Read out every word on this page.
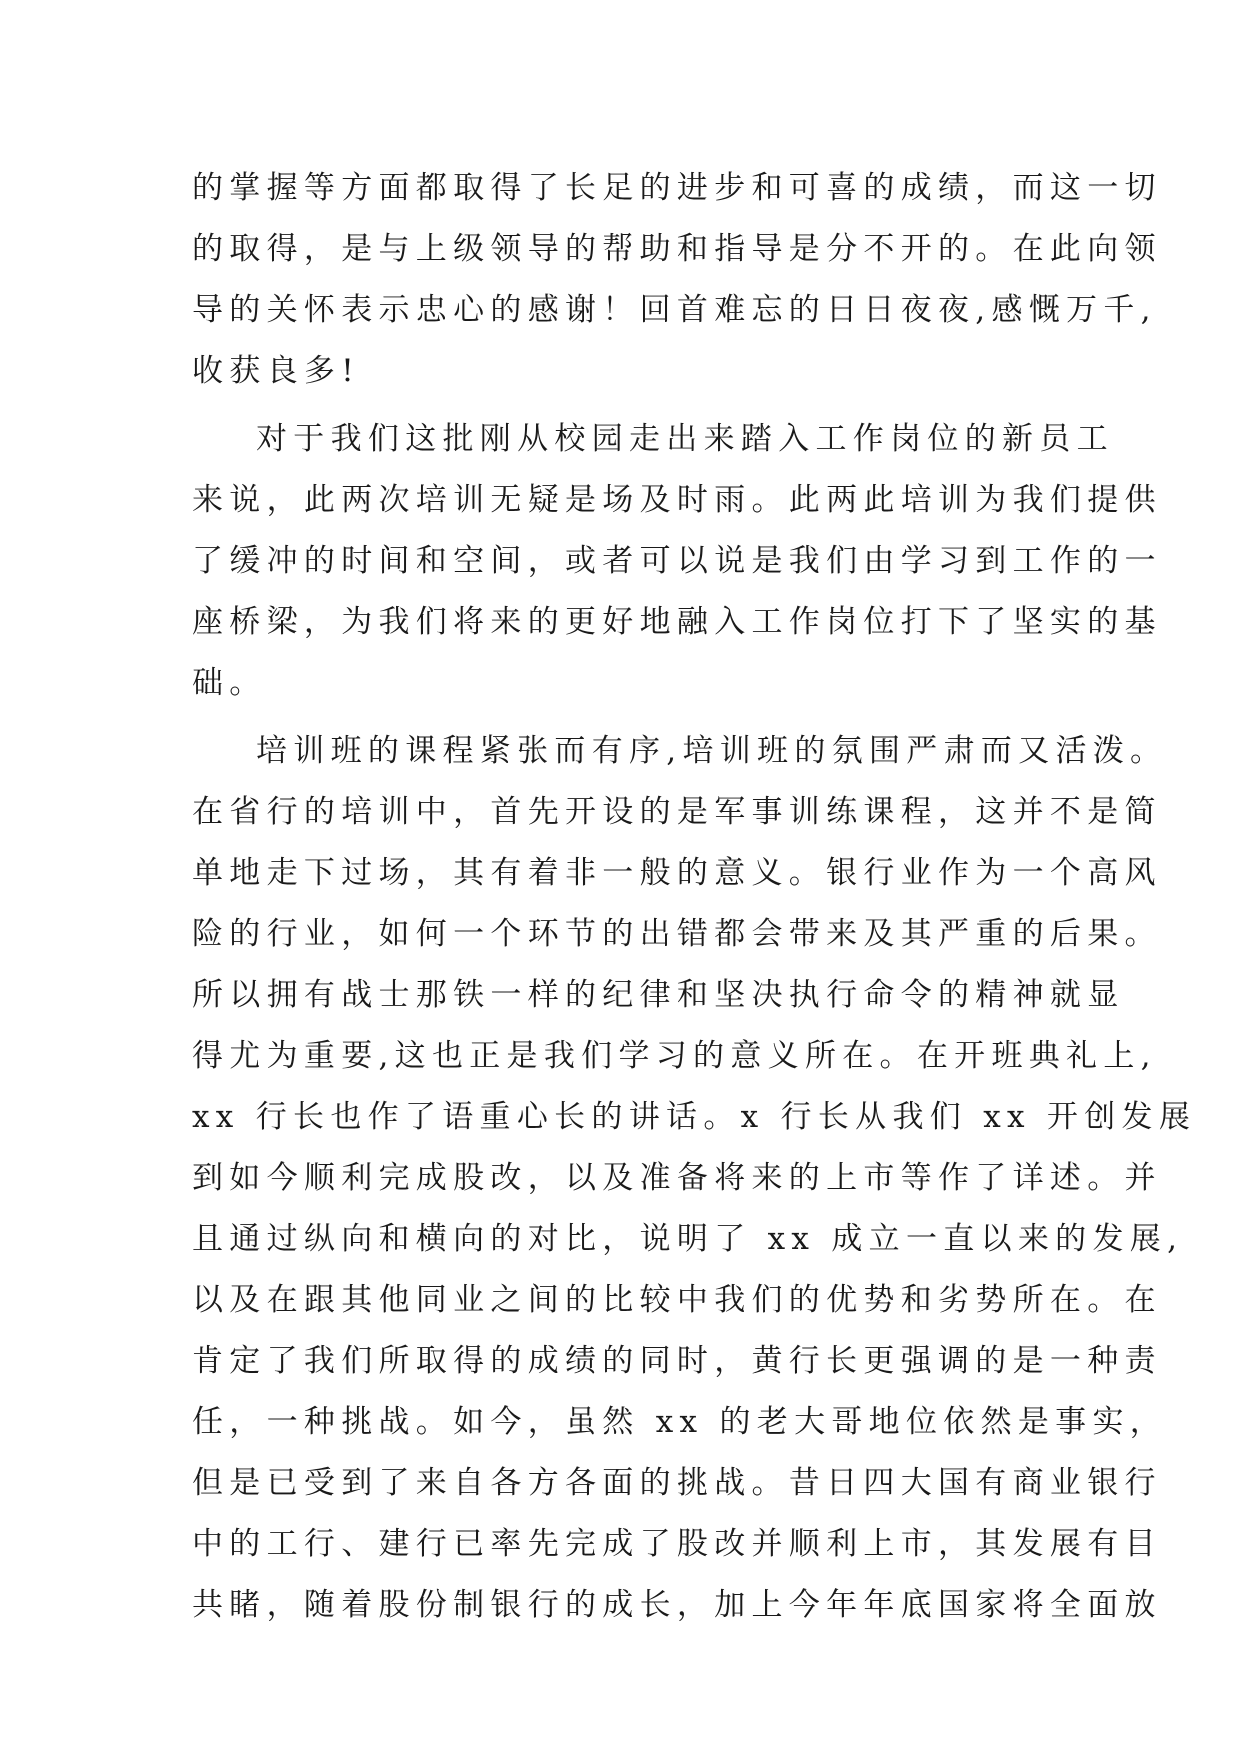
的掌握等方面都取得了长足的进步和可喜的成绩，而这一切
的取得，是与上级领导的帮助和指导是分不开的。在此向领
导的关怀表示忠心的感谢！回首难忘的日日夜夜,感慨万千,
收获良多!
对于我们这批刚从校园走出来踏入工作岗位的新员工
来说，此两次培训无疑是场及时雨。此两此培训为我们提供
了缓冲的时间和空间，或者可以说是我们由学习到工作的一
座桥梁，为我们将来的更好地融入工作岗位打下了坚实的基
础。
培训班的课程紧张而有序,培训班的氛围严肃而又活泼。
在省行的培训中，首先开设的是军事训练课程，这并不是简
单地走下过场，其有着非一般的意义。银行业作为一个高风
险的行业，如何一个环节的出错都会带来及其严重的后果。
所以拥有战士那铁一样的纪律和坚决执行命令的精神就显
得尤为重要,这也正是我们学习的意义所在。在开班典礼上,
xx 行长也作了语重心长的讲话。x 行长从我们 xx 开创发展
到如今顺利完成股改，以及准备将来的上市等作了详述。并
且通过纵向和横向的对比，说明了 xx 成立一直以来的发展,
以及在跟其他同业之间的比较中我们的优势和劣势所在。在
肯定了我们所取得的成绩的同时，黄行长更强调的是一种责
任，一种挑战。如今，虽然 xx 的老大哥地位依然是事实，
但是已受到了来自各方各面的挑战。昔日四大国有商业银行
中的工行、建行已率先完成了股改并顺利上市，其发展有目
共睹，随着股份制银行的成长，加上今年年底国家将全面放
